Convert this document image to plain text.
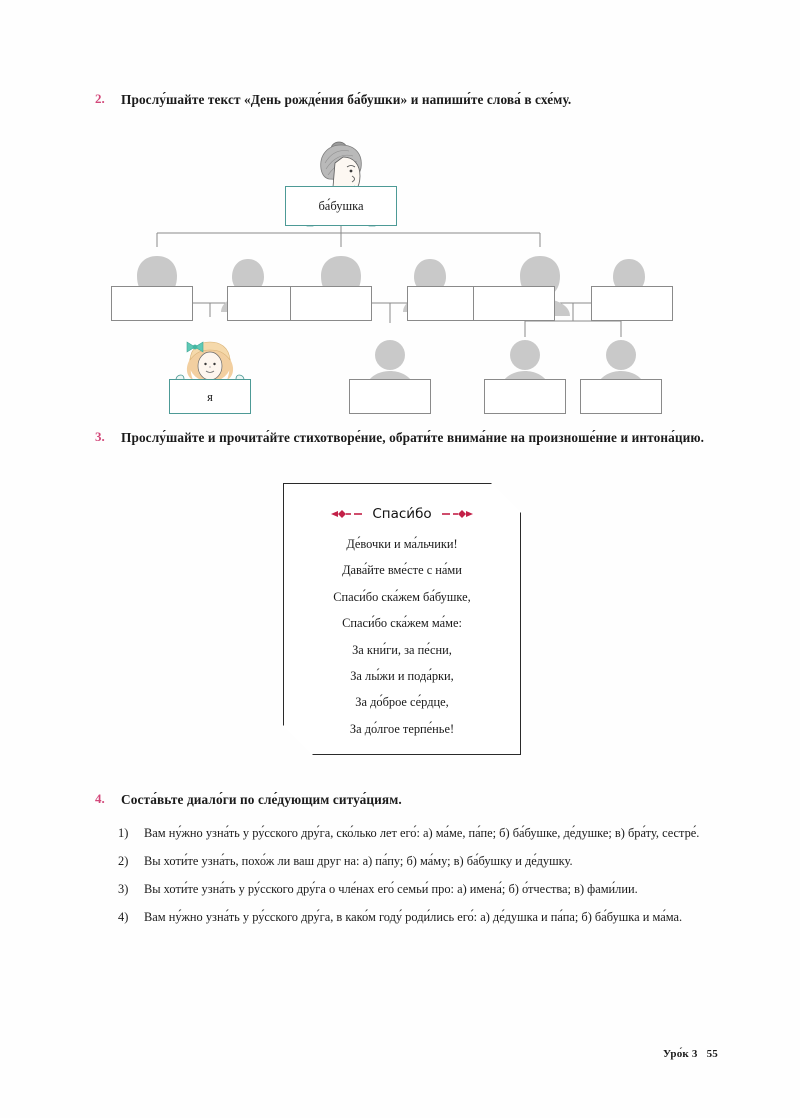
2.	Прослу́шайте текст «День рожде́ния ба́бушки» и напиши́те слова́ в схе́му.
ба́бушка
я
3.	Прослу́шайте и прочита́йте стихотворе́ние, обрати́те внима́ние на произноше́ние и интона́цию.
Спаси́бо
Де́вочки и ма́льчики!
Дава́йте вме́сте с на́ми
Спаси́бо ска́жем ба́бушке,
Спаси́бо ска́жем ма́ме:
За кни́ги, за пе́сни,
За лы́жи и пода́рки,
За до́брое се́рдце,
За до́лгое терпе́нье!
4.	Соста́вьте диало́ги по сле́дующим ситуа́циям.
1)	Вам ну́жно узна́ть у ру́сского дру́га, ско́лько лет его́: а) ма́ме, па́пе; б) ба́бушке, де́душке; в) бра́ту, сестре́.
2)	Вы хоти́те узна́ть, похо́ж ли ваш друг на: а) па́пу; б) ма́му; в) ба́бушку и де́душку.
3)	Вы хоти́те узна́ть у ру́сского дру́га о чле́нах его́ семьи́ про: а) имена́; б) о́тчества; в) фами́лии.
4)	Вам ну́жно узна́ть у ру́сского дру́га, в како́м году́ роди́лись его́: а) де́душка и па́па; б) ба́бушка и ма́ма.
Уро́к 3 55
